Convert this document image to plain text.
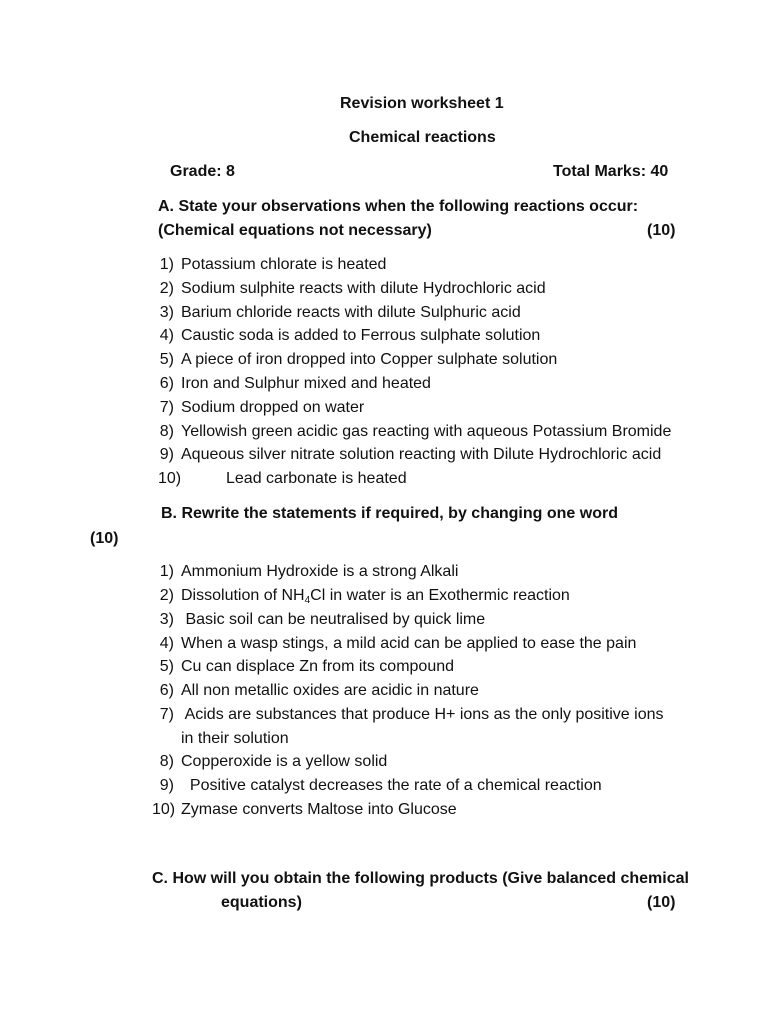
Revision worksheet 1
Chemical reactions
Grade: 8	Total Marks: 40
A. State your observations when the following reactions occur:
(Chemical equations not necessary)	(10)
1) Potassium chlorate is heated
2) Sodium sulphite reacts with dilute Hydrochloric acid
3) Barium chloride reacts with dilute Sulphuric acid
4) Caustic soda is added to Ferrous sulphate solution
5) A piece of iron dropped into Copper sulphate solution
6) Iron and Sulphur mixed and heated
7) Sodium dropped on water
8) Yellowish green acidic gas reacting with aqueous Potassium Bromide
9) Aqueous silver nitrate solution reacting with Dilute Hydrochloric acid
10)	Lead carbonate is heated
B. Rewrite the statements if required, by changing one word
(10)
1) Ammonium Hydroxide is a strong Alkali
2) Dissolution of $NH_4Cl$ in water is an Exothermic reaction
3) Basic soil can be neutralised by quick lime
4) When a wasp stings, a mild acid can be applied to ease the pain
5) Cu can displace Zn from its compound
6) All non metallic oxides are acidic in nature
7) Acids are substances that produce H+ ions as the only positive ions
in their solution
8) Copperoxide is a yellow solid
9)  Positive catalyst decreases the rate of a chemical reaction
10) Zymase converts Maltose into Glucose
C. How will you obtain the following products (Give balanced chemical
equations)	(10)
